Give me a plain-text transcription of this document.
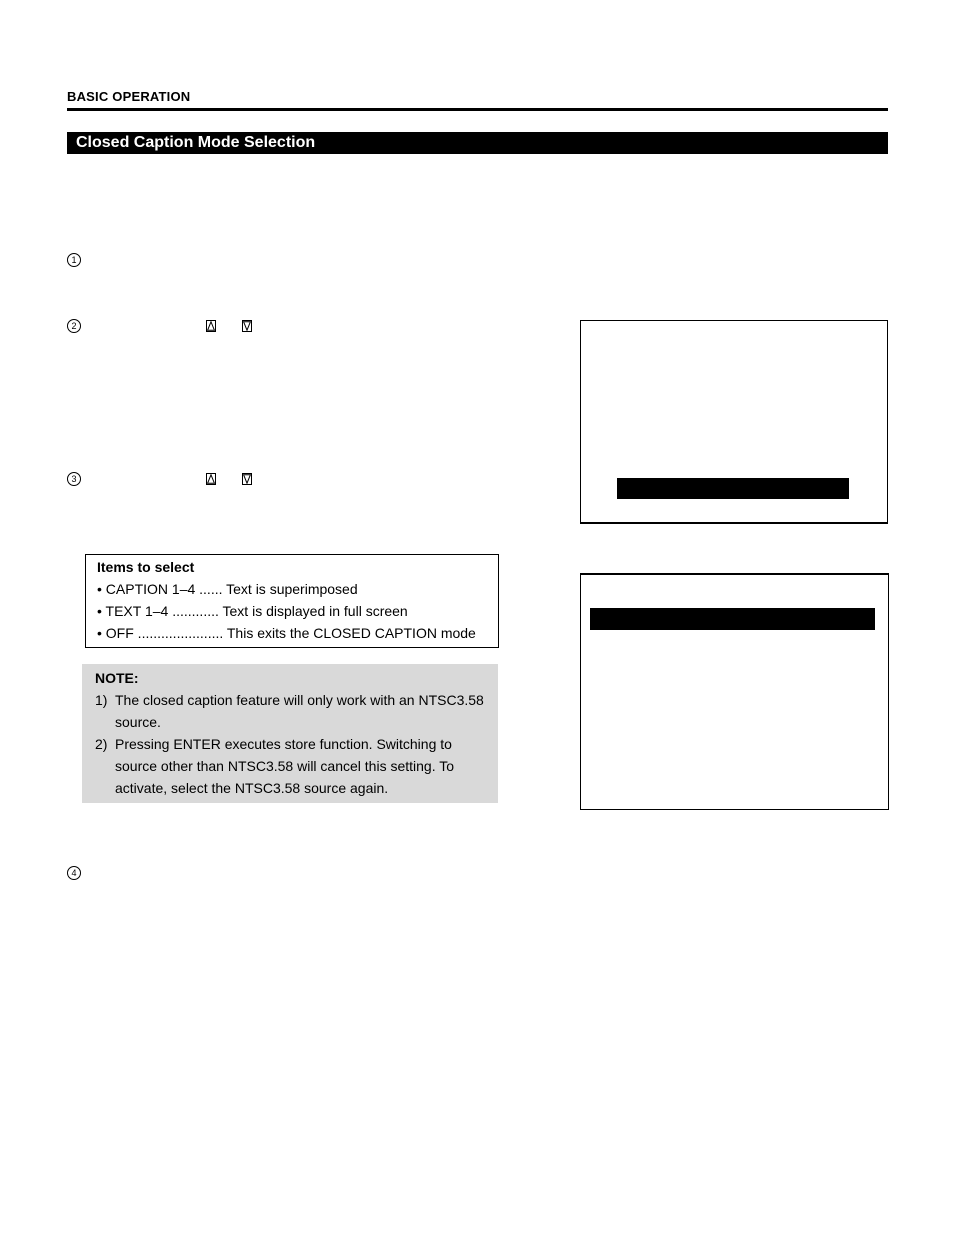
BASIC OPERATION
Closed Caption Mode Selection
1
2
3
Items to select
• CAPTION 1–4 ...... Text is superimposed
• TEXT 1–4 ............ Text is displayed in full screen
• OFF ...................... This exits the CLOSED CAPTION mode
NOTE:
1) The closed caption feature will only work with an NTSC3.58 source.
2) Pressing ENTER executes store function. Switching to source other than NTSC3.58 will cancel this setting. To activate, select the NTSC3.58 source again.
4
